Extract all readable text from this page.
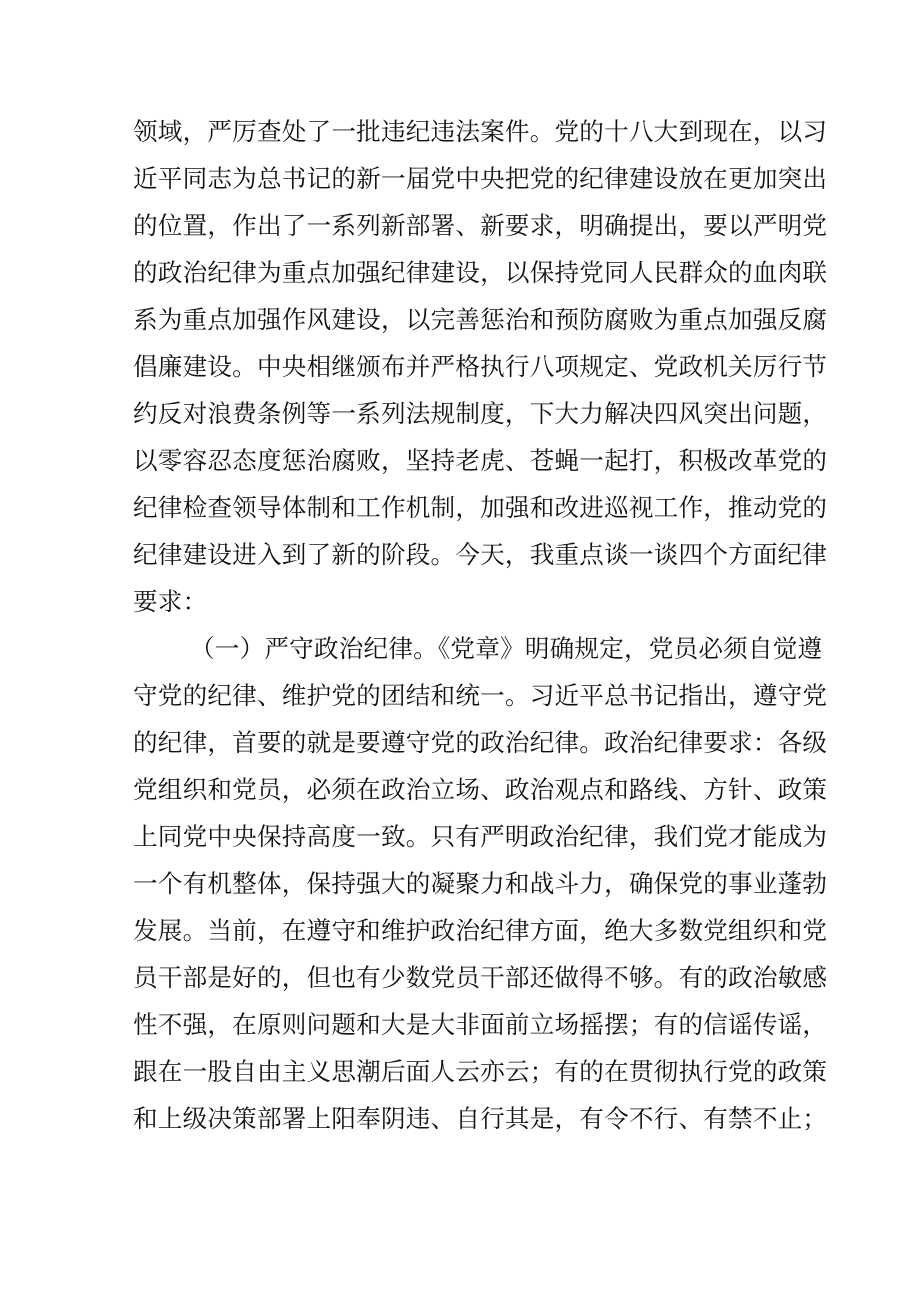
领域，严厉查处了一批违纪违法案件。党的十八大到现在，以习
近平同志为总书记的新一届党中央把党的纪律建设放在更加突出
的位置，作出了一系列新部署、新要求，明确提出，要以严明党
的政治纪律为重点加强纪律建设，以保持党同人民群众的血肉联
系为重点加强作风建设，以完善惩治和预防腐败为重点加强反腐
倡廉建设。中央相继颁布并严格执行八项规定、党政机关厉行节
约反对浪费条例等一系列法规制度，下大力解决四风突出问题，
以零容忍态度惩治腐败，坚持老虎、苍蝇一起打，积极改革党的
纪律检查领导体制和工作机制，加强和改进巡视工作，推动党的
纪律建设进入到了新的阶段。今天，我重点谈一谈四个方面纪律
要求：
（一）严守政治纪律。《党章》明确规定，党员必须自觉遵
守党的纪律、维护党的团结和统一。习近平总书记指出，遵守党
的纪律，首要的就是要遵守党的政治纪律。政治纪律要求：各级
党组织和党员，必须在政治立场、政治观点和路线、方针、政策
上同党中央保持高度一致。只有严明政治纪律，我们党才能成为
一个有机整体，保持强大的凝聚力和战斗力，确保党的事业蓬勃
发展。当前，在遵守和维护政治纪律方面，绝大多数党组织和党
员干部是好的，但也有少数党员干部还做得不够。有的政治敏感
性不强，在原则问题和大是大非面前立场摇摆；有的信谣传谣，
跟在一股自由主义思潮后面人云亦云；有的在贯彻执行党的政策
和上级决策部署上阳奉阴违、自行其是，有令不行、有禁不止；
